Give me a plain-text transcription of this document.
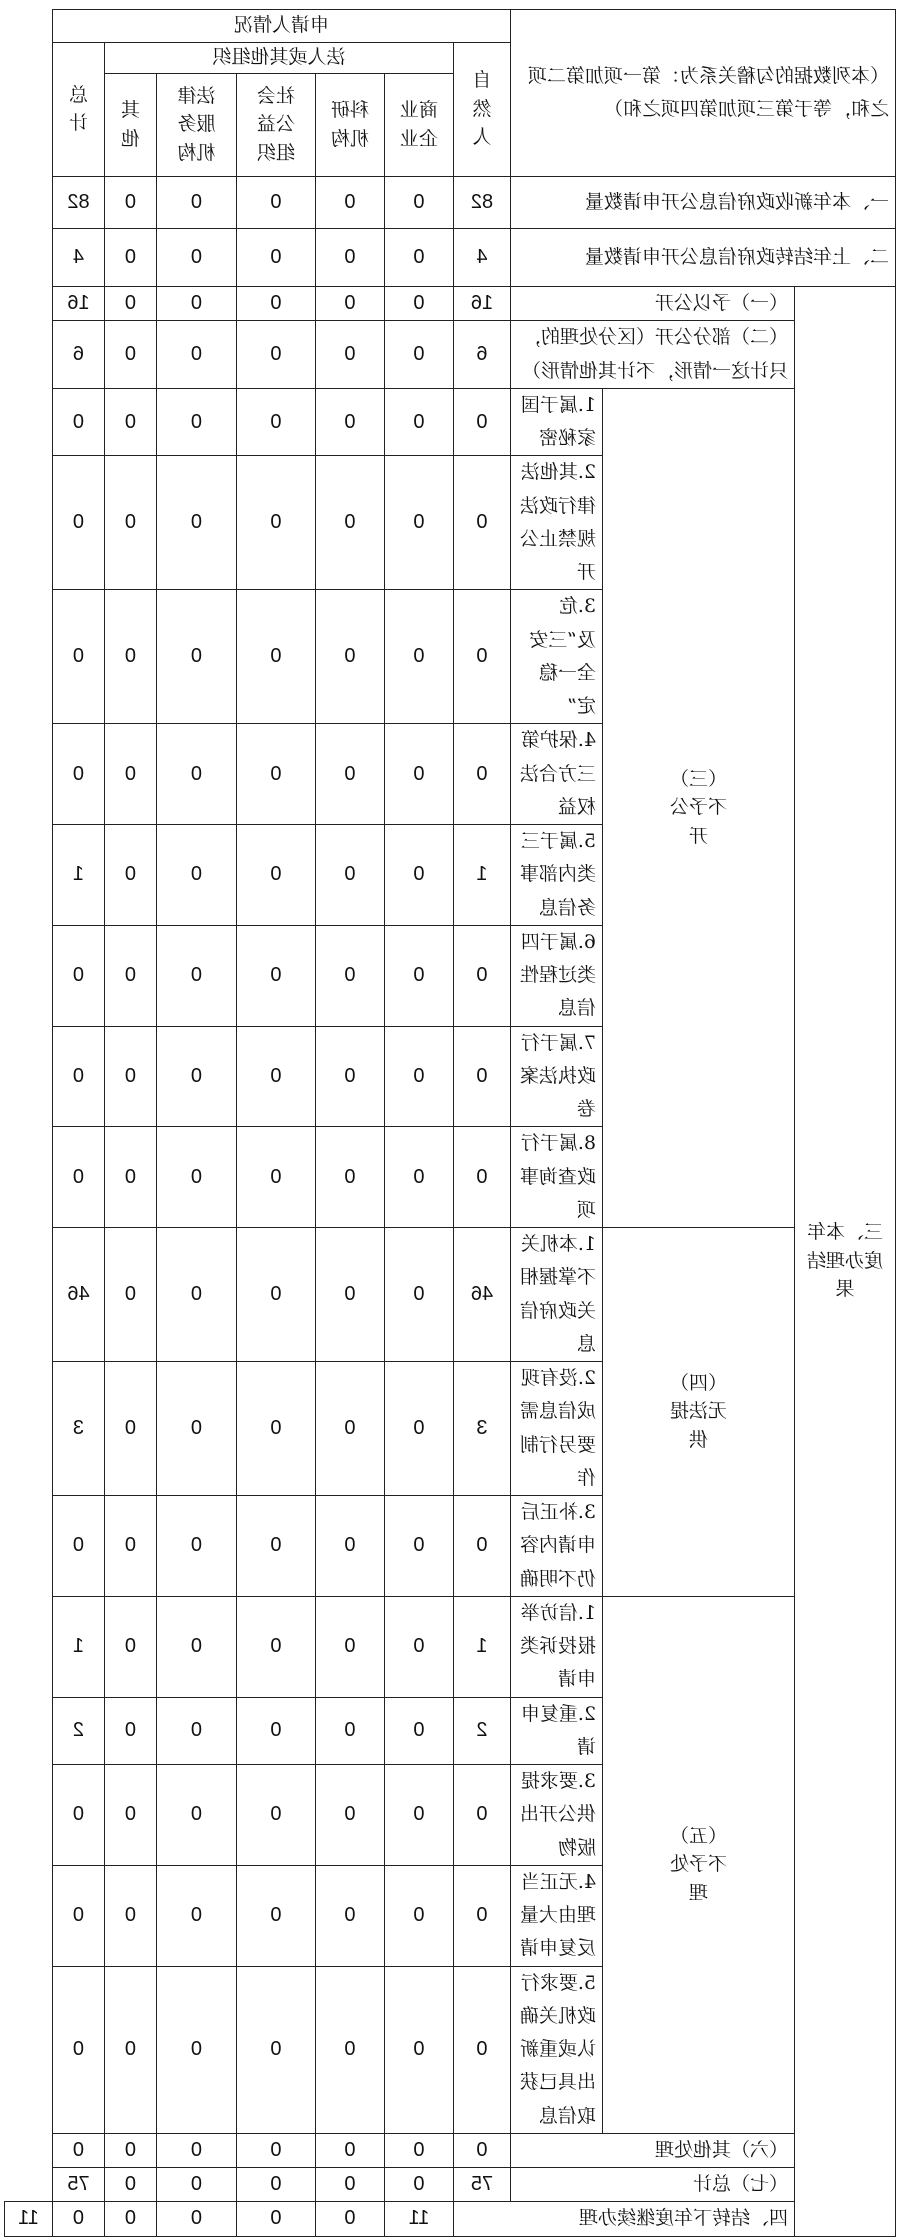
（本列数据的勾稽关系为：第一项加第二项之和，等于第三项加第四项之和）			申请人情况							
			自然人	法人或其他组织					总计	
				商业企业	科研机构	社会公益组织	法律服务机构	其他		
一、本年新收政府信息公开申请数量			82	0	0	0	0	0	82	
二、上年结转政府信息公开申请数量			4	0	0	0	0	0	4	
三、本年度办理结果	（一）予以公开		16	0	0	0	0	0	16	
	（二）部分公开（区分处理的，只计这一情形，不计其他情形）		6	0	0	0	0	0	6	
	（三）不予公开	1.属于国家秘密	0	0	0	0	0	0	0	
		2.其他法律行政法规禁止公开	0	0	0	0	0	0	0	
		3.危及“三安全一稳定”	0	0	0	0	0	0	0	
		4.保护第三方合法权益	0	0	0	0	0	0	0	
		5.属于三类内部事务信息	1	0	0	0	0	0	1	
		6.属于四类过程性信息	0	0	0	0	0	0	0	
		7.属于行政执法案卷	0	0	0	0	0	0	0	
		8.属于行政查询事项	0	0	0	0	0	0	0	
	（四）无法提供	1.本机关不掌握相关政府信息	46	0	0	0	0	0	46	
		2.没有现成信息需要另行制作	3	0	0	0	0	0	3	
		3.补正后申请内容仍不明确	0	0	0	0	0	0	0	
	（五）不予处理	1.信访举报投诉类申请	1	0	0	0	0	0	1	
		2.重复申请	2	0	0	0	0	0	2	
		3.要求提供公开出版物	0	0	0	0	0	0	0	
		4.无正当理由大量反复申请	0	0	0	0	0	0	0	
		5.要求行政机关确认或重新出具已获取信息	0	0	0	0	0	0	0	
	（六）其他处理		0	0	0	0	0	0	0	
	（七）总计		75	0	0	0	0	0	75	
	四、结转下年度继续办理			11	0	0	0	0	0	11
